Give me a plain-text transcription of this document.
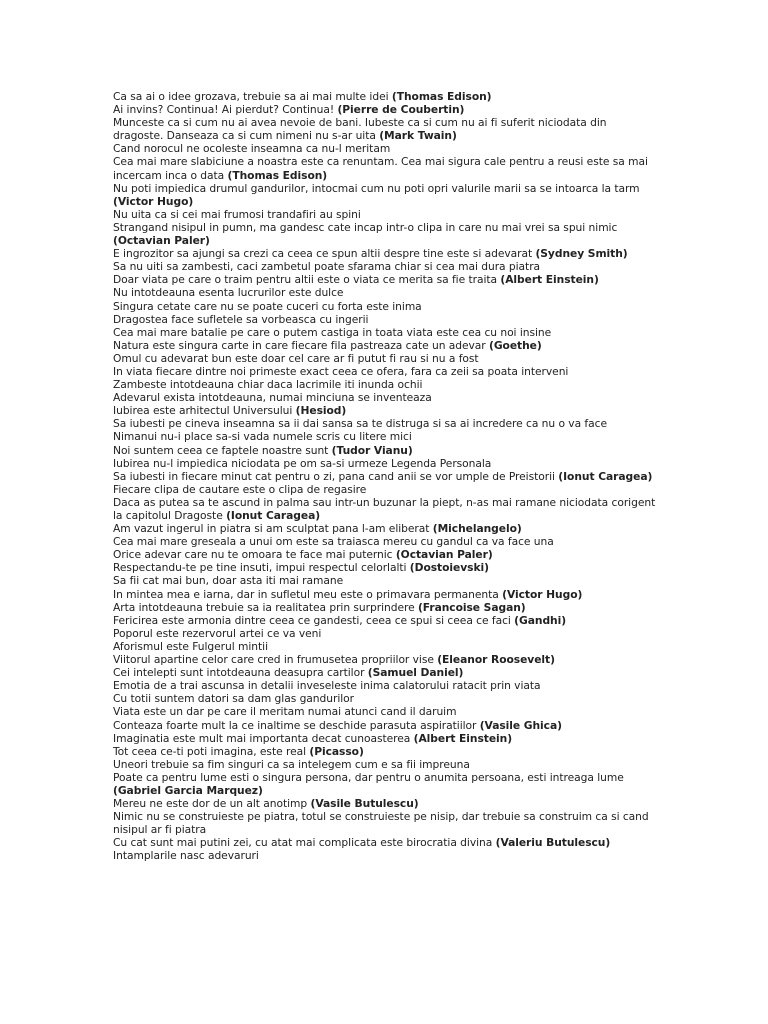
Ca sa ai o idee grozava, trebuie sa ai mai multe idei (Thomas Edison)

Ai invins? Continua! Ai pierdut? Continua! (Pierre de Coubertin)

Munceste ca si cum nu ai avea nevoie de bani. Iubeste ca si cum nu ai fi suferit niciodata din dragoste. Danseaza ca si cum nimeni nu s-ar uita (Mark Twain)

Cand norocul ne ocoleste inseamna ca nu-l meritam

Cea mai mare slabiciune a noastra este ca renuntam. Cea mai sigura cale pentru a reusi este sa mai incercam inca o data (Thomas Edison)

Nu poti impiedica drumul gandurilor, intocmai cum nu poti opri valurile marii sa se intoarca la tarm (Victor Hugo)

Nu uita ca si cei mai frumosi trandafiri au spini

Strangand nisipul in pumn, ma gandesc cate incap intr-o clipa in care nu mai vrei sa spui nimic (Octavian Paler)

E ingrozitor sa ajungi sa crezi ca ceea ce spun altii despre tine este si adevarat (Sydney Smith)

Sa nu uiti sa zambesti, caci zambetul poate sfarama chiar si cea mai dura piatra

Doar viata pe care o traim pentru altii este o viata ce merita sa fie traita (Albert Einstein)

Nu intotdeauna esenta lucrurilor este dulce

Singura cetate care nu se poate cuceri cu forta este inima

Dragostea face sufletele sa vorbeasca cu ingerii

Cea mai mare batalie pe care o putem castiga in toata viata este cea cu noi insine

Natura este singura carte in care fiecare fila pastreaza cate un adevar (Goethe)

Omul cu adevarat bun este doar cel care ar fi putut fi rau si nu a fost

In viata fiecare dintre noi primeste exact ceea ce ofera, fara ca zeii sa poata interveni

Zambeste intotdeauna chiar daca lacrimile iti inunda ochii

Adevarul exista intotdeauna, numai minciuna se inventeaza

Iubirea este arhitectul Universului (Hesiod)

Sa iubesti pe cineva inseamna sa ii dai sansa sa te distruga si sa ai incredere ca nu o va face

Nimanui nu-i place sa-si vada numele scris cu litere mici

Noi suntem ceea ce faptele noastre sunt (Tudor Vianu)

Iubirea nu-l impiedica niciodata pe om sa-si urmeze Legenda Personala

Sa iubesti in fiecare minut cat pentru o zi, pana cand anii se vor umple de Preistorii (Ionut Caragea)

Fiecare clipa de cautare este o clipa de regasire

Daca as putea sa te ascund in palma sau intr-un buzunar la piept, n-as mai ramane niciodata corigent la capitolul Dragoste (Ionut Caragea)

Am vazut ingerul in piatra si am sculptat pana l-am eliberat (Michelangelo)

Cea mai mare greseala a unui om este sa traiasca mereu cu gandul ca va face una

Orice adevar care nu te omoara te face mai puternic (Octavian Paler)

Respectandu-te pe tine insuti, impui respectul celorlalti (Dostoievski)

Sa fii cat mai bun, doar asta iti mai ramane

In mintea mea e iarna, dar in sufletul meu este o primavara permanenta (Victor Hugo)

Arta intotdeauna trebuie sa ia realitatea prin surprindere (Francoise Sagan)

Fericirea este armonia dintre ceea ce gandesti, ceea ce spui si ceea ce faci (Gandhi)

Poporul este rezervorul artei ce va veni

Aforismul este Fulgerul mintii

Viitorul apartine celor care cred in frumusetea propriilor vise (Eleanor Roosevelt)

Cei intelepti sunt intotdeauna deasupra cartilor (Samuel Daniel)

Emotia de a trai ascunsa in detalii inveseleste inima calatorului ratacit prin viata

Cu totii suntem datori sa dam glas gandurilor

Viata este un dar pe care il meritam numai atunci cand il daruim

Conteaza foarte mult la ce inaltime se deschide parasuta aspiratiilor (Vasile Ghica)

Imaginatia este mult mai importanta decat cunoasterea (Albert Einstein)

Tot ceea ce-ti poti imagina, este real (Picasso)

Uneori trebuie sa fim singuri ca sa intelegem cum e sa fii impreuna

Poate ca pentru lume esti o singura persona, dar pentru o anumita persoana, esti intreaga lume (Gabriel Garcia Marquez)

Mereu ne este dor de un alt anotimp (Vasile Butulescu)

Nimic nu se construieste pe piatra, totul se construieste pe nisip, dar trebuie sa construim ca si cand nisipul ar fi piatra

Cu cat sunt mai putini zei, cu atat mai complicata este birocratia divina (Valeriu Butulescu)

Intamplarile nasc adevaruri
